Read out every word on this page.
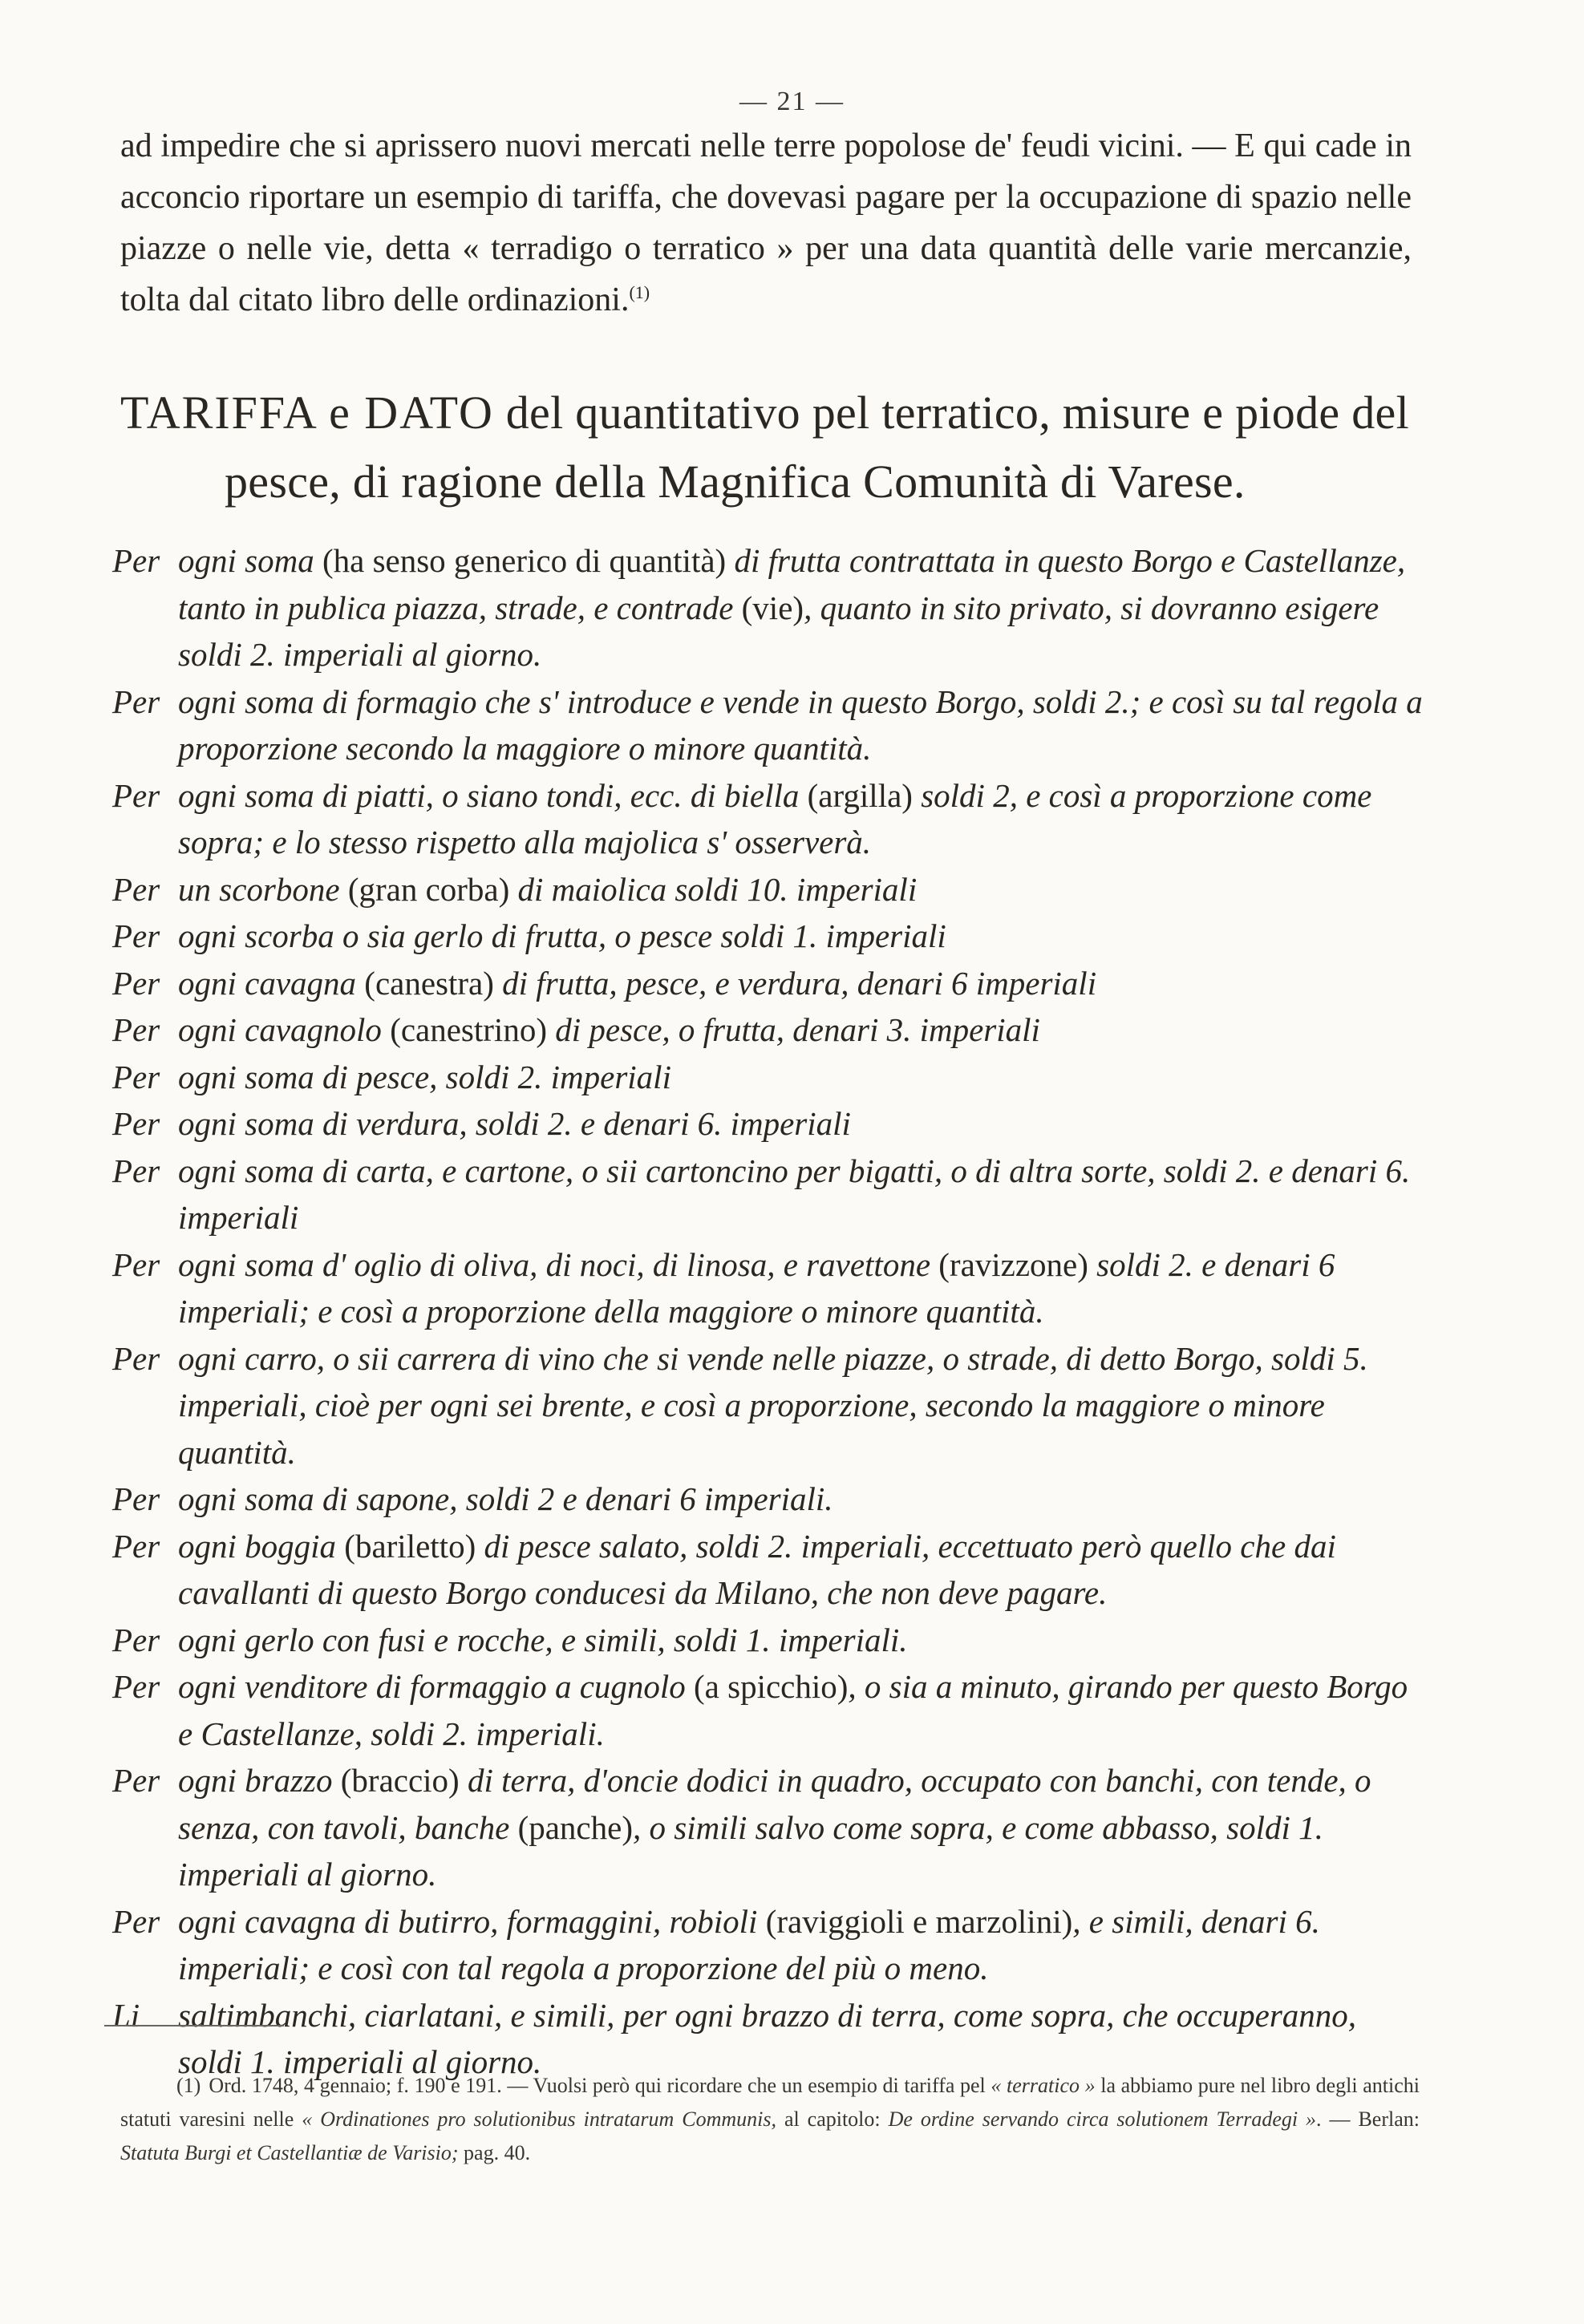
— 21 —

ad impedire che si aprissero nuovi mercati nelle terre popolose de' feudi vicini. — E qui cade in acconcio riportare un esempio di tariffa, che dovevasi pagare per la occupazione di spazio nelle piazze o nelle vie, detta « terradigo o terratico » per una data quantità delle varie mercanzie, tolta dal citato libro delle ordinazioni.$^{(1)}$

TARIFFA e DATO del quantitativo pel terratico, misure e piode del
pesce, di ragione della Magnifica Comunità di Varese.

Per ogni soma (ha senso generico di quantità) di frutta contrattata in questo Borgo e Castellanze, tanto in publica piazza, strade, e contrade (vie), quanto in sito privato, si dovranno esigere soldi 2. imperiali al giorno.

Per ogni soma di formagio che s' introduce e vende in questo Borgo, soldi 2.; e così su tal regola a proporzione secondo la maggiore o minore quantità.

Per ogni soma di piatti, o siano tondi, ecc. di biella (argilla) soldi 2, e così a proporzione come sopra; e lo stesso rispetto alla majolica s' osserverà.

Per un scorbone (gran corba) di maiolica soldi 10. imperiali

Per ogni scorba o sia gerlo di frutta, o pesce soldi 1. imperiali

Per ogni cavagna (canestra) di frutta, pesce, e verdura, denari 6 imperiali

Per ogni cavagnolo (canestrino) di pesce, o frutta, denari 3. imperiali

Per ogni soma di pesce, soldi 2. imperiali

Per ogni soma di verdura, soldi 2. e denari 6. imperiali

Per ogni soma di carta, e cartone, o sii cartoncino per bigatti, o di altra sorte, soldi 2. e denari 6. imperiali

Per ogni soma d' oglio di oliva, di noci, di linosa, e ravettone (ravizzone) soldi 2. e denari 6 imperiali; e così a proporzione della maggiore o minore quantità.

Per ogni carro, o sii carrera di vino che si vende nelle piazze, o strade, di detto Borgo, soldi 5. imperiali, cioè per ogni sei brente, e così a proporzione, secondo la maggiore o minore quantità.

Per ogni soma di sapone, soldi 2 e denari 6 imperiali.

Per ogni boggia (bariletto) di pesce salato, soldi 2. imperiali, eccettuato però quello che dai cavallanti di questo Borgo conducesi da Milano, che non deve pagare.

Per ogni gerlo con fusi e rocche, e simili, soldi 1. imperiali.

Per ogni venditore di formaggio a cugnolo (a spicchio), o sia a minuto, girando per questo Borgo e Castellanze, soldi 2. imperiali.

Per ogni brazzo (braccio) di terra, d'oncie dodici in quadro, occupato con banchi, con tende, o senza, con tavoli, banche (panche), o simili salvo come sopra, e come abbasso, soldi 1. imperiali al giorno.

Per ogni cavagna di butirro, formaggini, robioli (raviggioli e marzolini), e simili, denari 6. imperiali; e così con tal regola a proporzione del più o meno.

Li saltimbanchi, ciarlatani, e simili, per ogni brazzo di terra, come sopra, che occuperanno, soldi 1. imperiali al giorno.

(1) Ord. 1748, 4 gennaio; f. 190 e 191. — Vuolsi però qui ricordare che un esempio di tariffa pel « terratico » la abbiamo pure nel libro degli antichi statuti varesini nelle « Ordinationes pro solutionibus intratarum Communis, al capitolo: De ordine servando circa solutionem Terradegi ». — Berlan: Statuta Burgi et Castellantiæ de Varisio; pag. 40.
